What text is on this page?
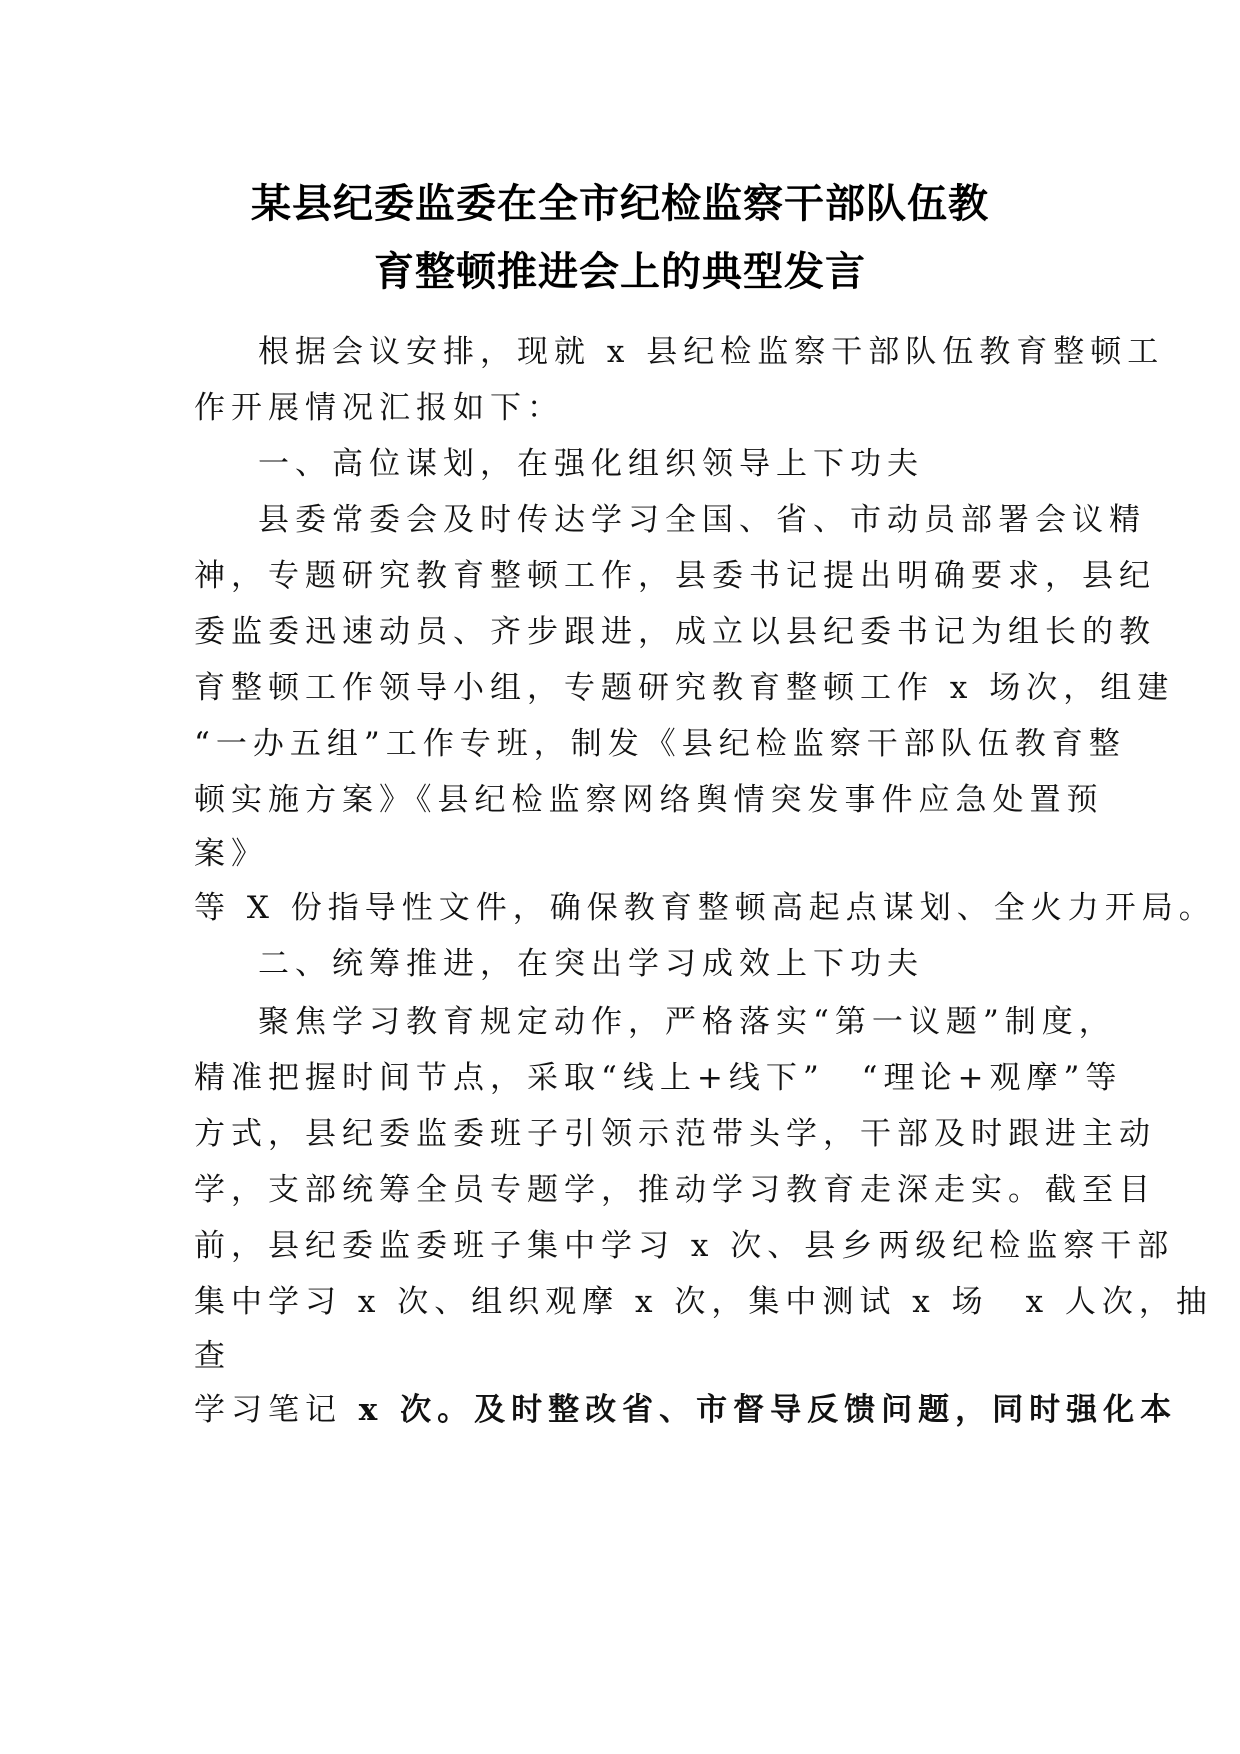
某县纪委监委在全市纪检监察干部队伍教
育整顿推进会上的典型发言
根据会议安排，现就 x 县纪检监察干部队伍教育整顿工
作开展情况汇报如下：
一、高位谋划，在强化组织领导上下功夫
县委常委会及时传达学习全国、省、市动员部署会议精
神，专题研究教育整顿工作，县委书记提出明确要求，县纪
委监委迅速动员、齐步跟进，成立以县纪委书记为组长的教
育整顿工作领导小组，专题研究教育整顿工作 x 场次，组建
“一办五组”工作专班，制发《县纪检监察干部队伍教育整
顿实施方案》《县纪检监察网络舆情突发事件应急处置预
案》
等 X 份指导性文件，确保教育整顿高起点谋划、全火力开局。
二、统筹推进，在突出学习成效上下功夫
聚焦学习教育规定动作，严格落实“第一议题”制度，
精准把握时间节点，采取“线上+线下”　“理论+观摩”等
方式，县纪委监委班子引领示范带头学，干部及时跟进主动
学，支部统筹全员专题学，推动学习教育走深走实。截至目
前，县纪委监委班子集中学习 x 次、县乡两级纪检监察干部
集中学习 x 次、组织观摩 x 次，集中测试 x 场　x 人次，抽
查
学习笔记 x 次。及时整改省、市督导反馈问题，同时强化本
